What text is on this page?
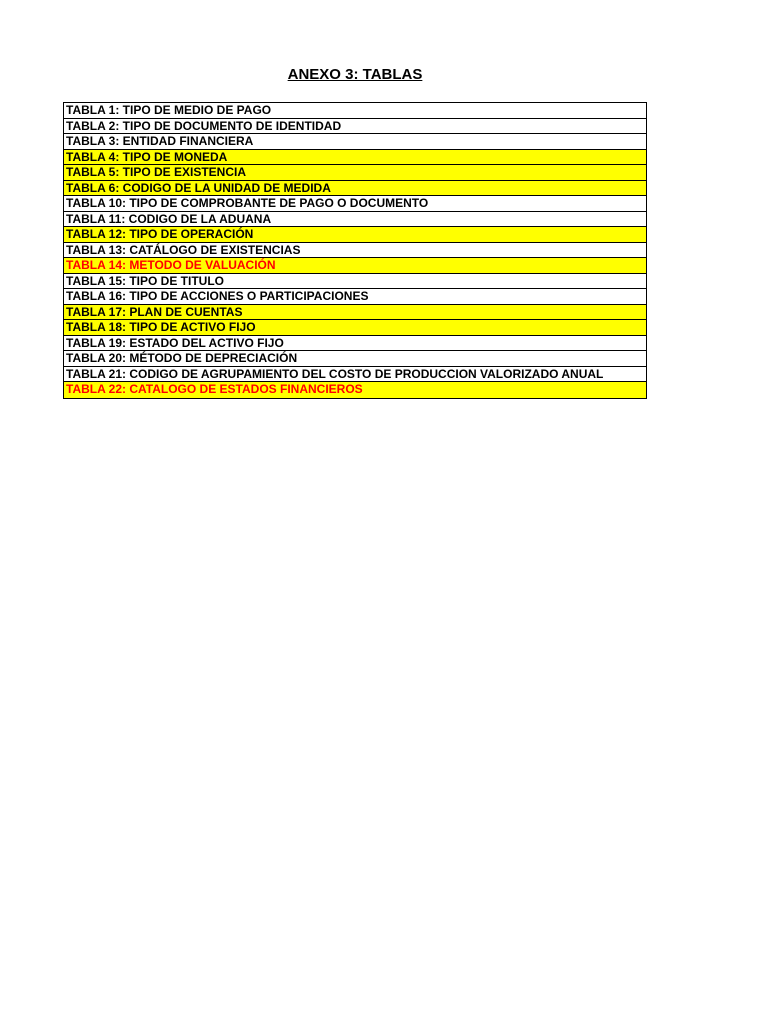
ANEXO 3: TABLAS
TABLA 1: TIPO DE MEDIO DE PAGO
TABLA 2: TIPO DE DOCUMENTO DE IDENTIDAD
TABLA 3: ENTIDAD FINANCIERA
TABLA 4: TIPO DE MONEDA
TABLA 5: TIPO DE EXISTENCIA
TABLA 6: CODIGO DE LA UNIDAD DE MEDIDA
TABLA 10: TIPO DE COMPROBANTE DE PAGO O DOCUMENTO
TABLA 11: CODIGO DE LA ADUANA
TABLA 12: TIPO DE OPERACIÓN
TABLA 13: CATÁLOGO DE EXISTENCIAS
TABLA 14: METODO DE VALUACIÓN
TABLA 15: TIPO DE TITULO
TABLA 16: TIPO DE ACCIONES O PARTICIPACIONES
TABLA 17: PLAN DE CUENTAS
TABLA 18: TIPO DE ACTIVO FIJO
TABLA 19: ESTADO DEL ACTIVO FIJO
TABLA 20: MÉTODO DE DEPRECIACIÓN
TABLA 21: CODIGO DE AGRUPAMIENTO DEL COSTO DE PRODUCCION VALORIZADO ANUAL
TABLA 22: CATALOGO DE ESTADOS FINANCIEROS
